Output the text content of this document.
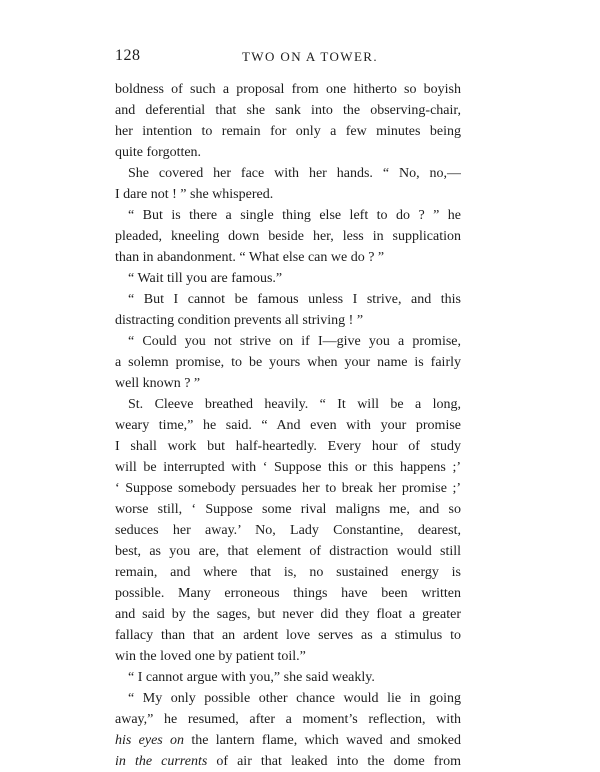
128	TWO ON A TOWER.
boldness of such a proposal from one hitherto so boyish
and deferential that she sank into the observing-chair,
her intention to remain for only a few minutes being
quite forgotten.
She covered her face with her hands. “ No, no,—
I dare not ! ” she whispered.
“ But is there a single thing else left to do ? ” he
pleaded, kneeling down beside her, less in supplication
than in abandonment. “ What else can we do ? ”
“ Wait till you are famous.”
“ But I cannot be famous unless I strive, and this
distracting condition prevents all striving ! ”
“ Could you not strive on if I—give you a promise,
a solemn promise, to be yours when your name is fairly
well known ? ”
St. Cleeve breathed heavily. “ It will be a long,
weary time,” he said. “ And even with your promise
I shall work but half-heartedly. Every hour of study
will be interrupted with ‘ Suppose this or this happens ;’
‘ Suppose somebody persuades her to break her promise ;’
worse still, ‘ Suppose some rival maligns me, and so
seduces her away.’ No, Lady Constantine, dearest,
best, as you are, that element of distraction would still
remain, and where that is, no sustained energy is
possible. Many erroneous things have been written
and said by the sages, but never did they float a greater
fallacy than that an ardent love serves as a stimulus to
win the loved one by patient toil.”
“ I cannot argue with you,” she said weakly.
“ My only possible other chance would lie in going
away,” he resumed, after a moment’s reflection, with
his eyes on the lantern flame, which waved and smoked
in the currents of air that leaked into the dome from
